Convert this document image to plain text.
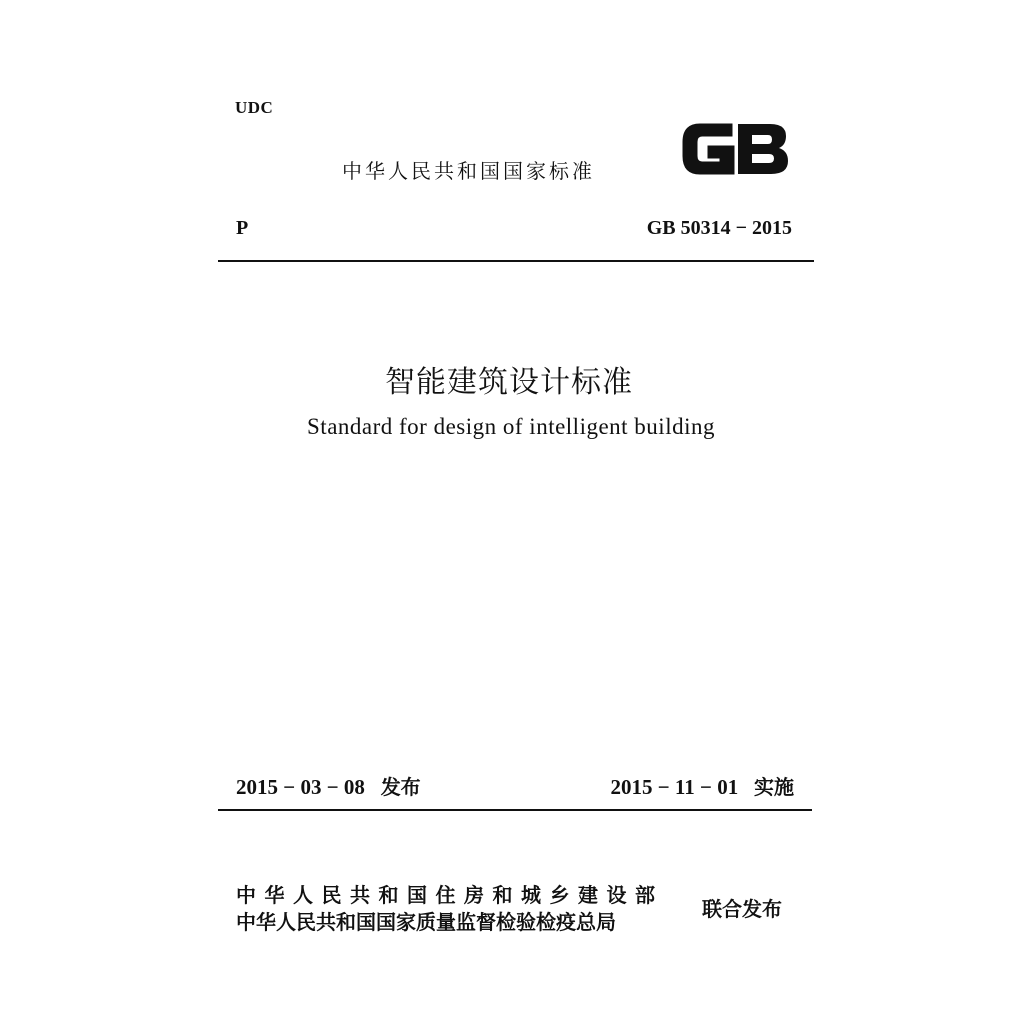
UDC
中华人民共和国国家标准
P	GB 50314 − 2015
智能建筑设计标准
Standard for design of intelligent building
2015 − 03 − 08 发布	2015 − 11 − 01 实施
中华人民共和国住房和城乡建设部
中华人民共和国国家质量监督检验检疫总局
联合发布
